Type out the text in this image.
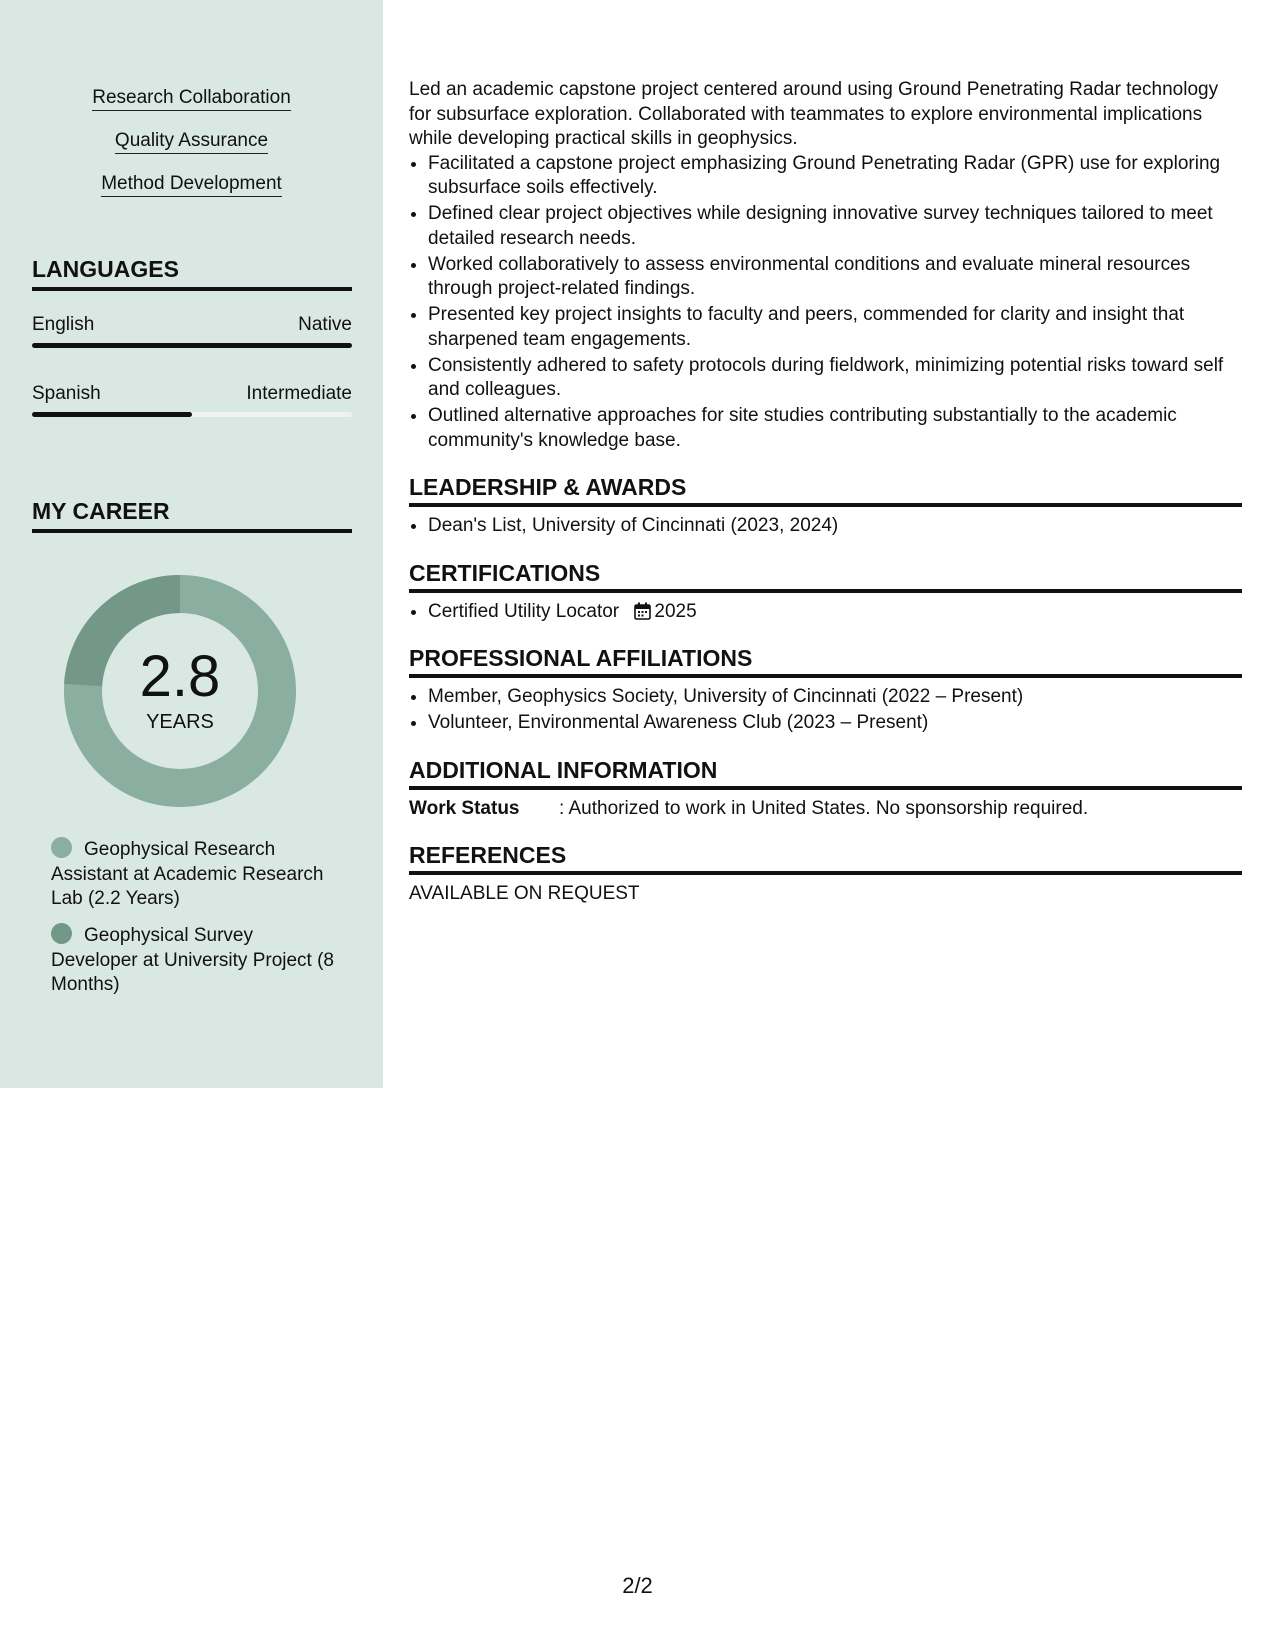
Research Collaboration
Quality Assurance
Method Development
LANGUAGES
English	Native
Spanish	Intermediate
MY CAREER
2.8
YEARS
Geophysical Research Assistant at Academic Research Lab (2.2 Years)
Geophysical Survey Developer at University Project (8 Months)

Led an academic capstone project centered around using Ground Penetrating Radar technology for subsurface exploration. Collaborated with teammates to explore environmental implications while developing practical skills in geophysics.

• Facilitated a capstone project emphasizing Ground Penetrating Radar (GPR) use for exploring subsurface soils effectively.
• Defined clear project objectives while designing innovative survey techniques tailored to meet detailed research needs.
• Worked collaboratively to assess environmental conditions and evaluate mineral resources through project-related findings.
• Presented key project insights to faculty and peers, commended for clarity and insight that sharpened team engagements.
• Consistently adhered to safety protocols during fieldwork, minimizing potential risks toward self and colleagues.
• Outlined alternative approaches for site studies contributing substantially to the academic community's knowledge base.
LEADERSHIP & AWARDS
• Dean's List, University of Cincinnati (2023, 2024)
CERTIFICATIONS
• Certified Utility Locator 2025
PROFESSIONAL AFFILIATIONS
• Member, Geophysics Society, University of Cincinnati (2022 – Present)
• Volunteer, Environmental Awareness Club (2023 – Present)
ADDITIONAL INFORMATION
Work Status	: Authorized to work in United States. No sponsorship required.
REFERENCES
AVAILABLE ON REQUEST
2/2
